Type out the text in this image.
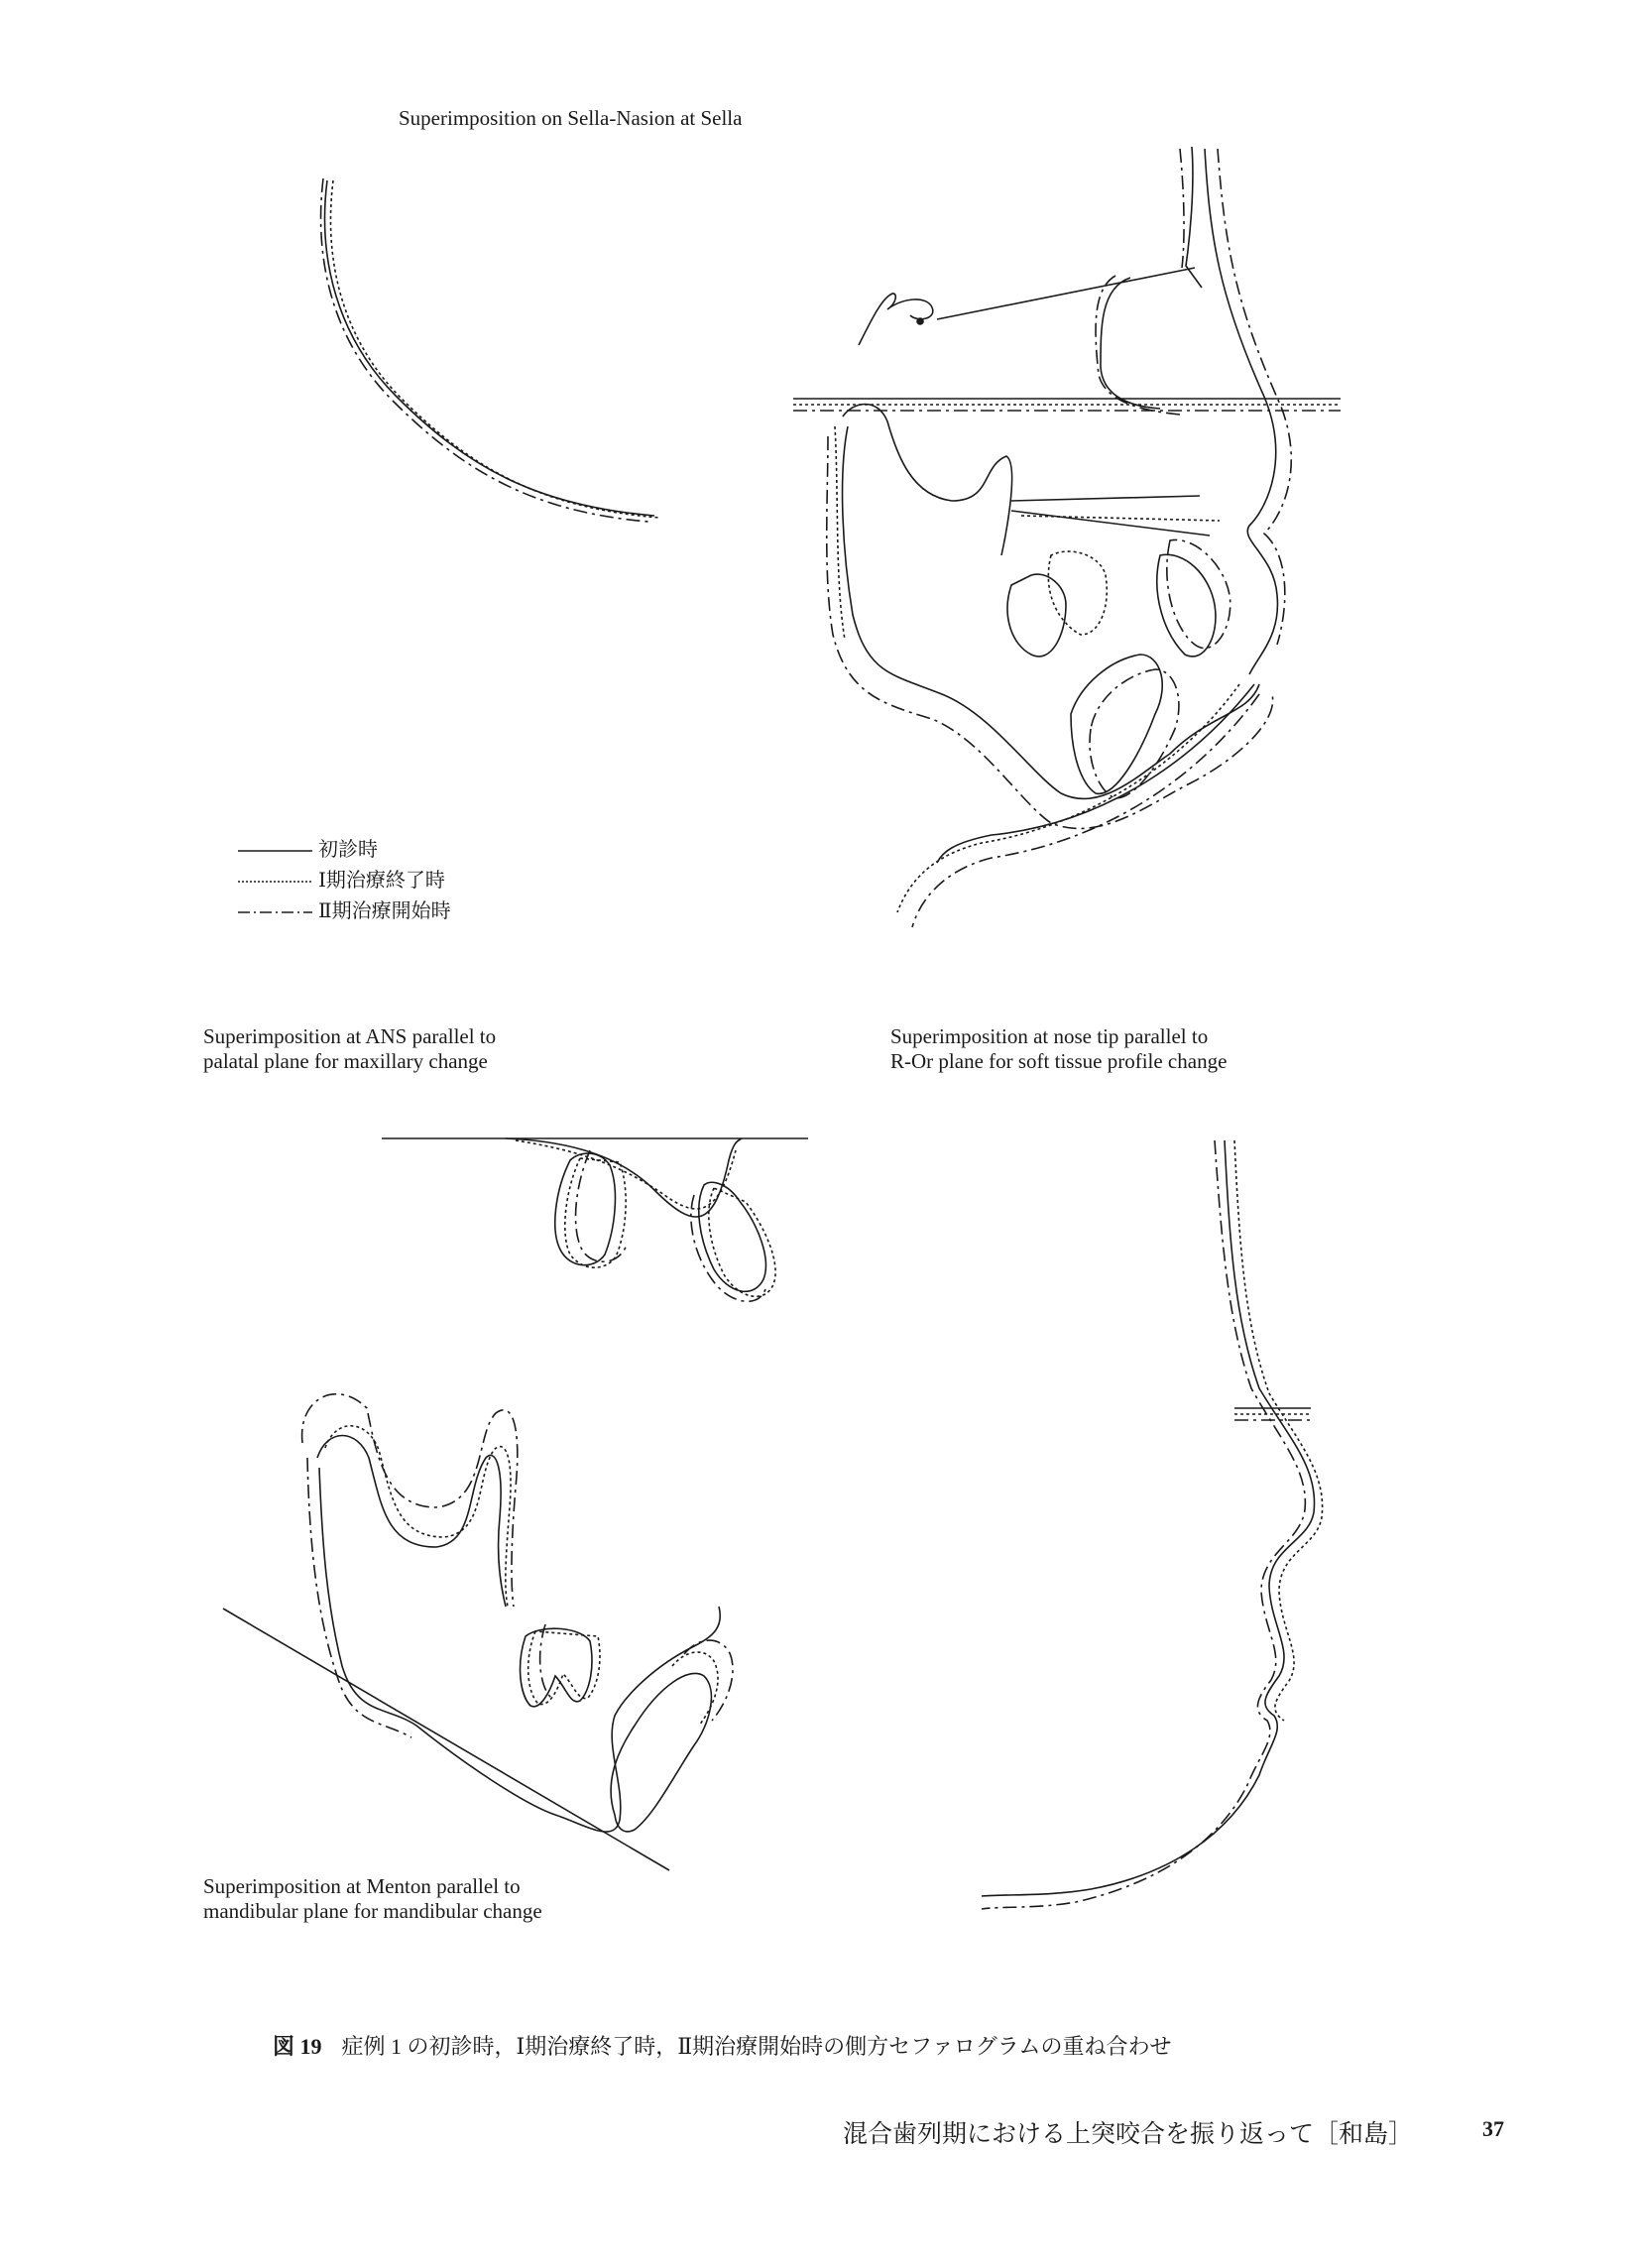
Superimposition on Sella-Nasion at Sella

Superimposition at ANS parallel to
palatal plane for maxillary change

Superimposition at nose tip parallel to
R-Or plane for soft tissue profile change

Superimposition at Menton parallel to
mandibular plane for mandibular change

初診時
Ⅰ期治療終了時
Ⅱ期治療開始時
図 19 症例 1 の初診時，Ⅰ期治療終了時，Ⅱ期治療開始時の側方セファログラムの重ね合わせ
混合歯列期における上突咬合を振り返って［和島］	37
